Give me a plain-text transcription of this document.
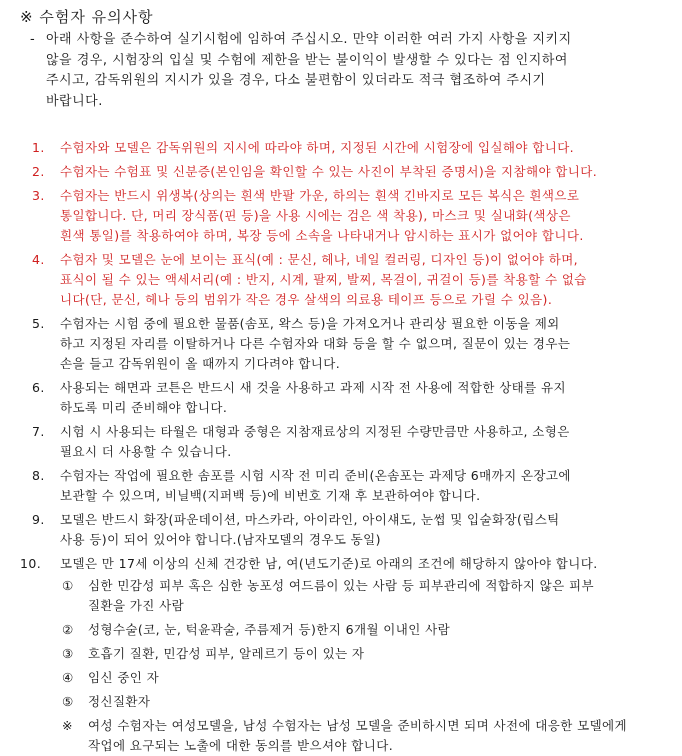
※ 수험자 유의사항
- 아래 사항을 준수하여 실기시험에 임하여 주십시오. 만약 이러한 여러 가지 사항을 지키지
않을 경우, 시험장의 입실 및 수험에 제한을 받는 불이익이 발생할 수 있다는 점 인지하여
주시고, 감독위원의 지시가 있을 경우, 다소 불편함이 있더라도 적극 협조하여 주시기
바랍니다.
1.	수험자와 모델은 감독위원의 지시에 따라야 하며, 지정된 시간에 시험장에 입실해야 합니다.
2.	수험자는 수험표 및 신분증(본인임을 확인할 수 있는 사진이 부착된 증명서)을 지참해야 합니다.
3.	수험자는 반드시 위생복(상의는 흰색 반팔 가운, 하의는 흰색 긴바지로 모든 복식은 흰색으로
통일합니다. 단, 머리 장식품(핀 등)을 사용 시에는 검은 색 착용), 마스크 및 실내화(색상은
흰색 통일)를 착용하여야 하며, 복장 등에 소속을 나타내거나 암시하는 표시가 없어야 합니다.
4.	수험자 및 모델은 눈에 보이는 표식(예 : 문신, 헤나, 네일 컬러링, 디자인 등)이 없어야 하며,
표식이 될 수 있는 액세서리(예 : 반지, 시계, 팔찌, 발찌, 목걸이, 귀걸이 등)를 착용할 수 없습
니다(단, 문신, 헤나 등의 범위가 작은 경우 살색의 의료용 테이프 등으로 가릴 수 있음).
5.	수험자는 시험 중에 필요한 물품(솜포, 왁스 등)을 가져오거나 관리상 필요한 이동을 제외
하고 지정된 자리를 이탈하거나 다른 수험자와 대화 등을 할 수 없으며, 질문이 있는 경우는
손을 들고 감독위원이 올 때까지 기다려야 합니다.
6.	사용되는 해면과 코튼은 반드시 새 것을 사용하고 과제 시작 전 사용에 적합한 상태를 유지
하도록 미리 준비해야 합니다.
7.	시험 시 사용되는 타월은 대형과 중형은 지참재료상의 지정된 수량만큼만 사용하고, 소형은
필요시 더 사용할 수 있습니다.
8.	수험자는 작업에 필요한 솜포를 시험 시작 전 미리 준비(온솜포는 과제당 6매까지 온장고에
보관할 수 있으며, 비닐백(지퍼백 등)에 비번호 기재 후 보관하여야 합니다.
9.	모델은 반드시 화장(파운데이션, 마스카라, 아이라인, 아이섀도, 눈썹 및 입술화장(립스틱
사용 등)이 되어 있어야 합니다.(남자모델의 경우도 동일)
10.	모델은 만 17세 이상의 신체 건강한 남, 여(년도기준)로 아래의 조건에 해당하지 않아야 합니다.
①	심한 민감성 피부 혹은 심한 농포성 여드름이 있는 사람 등 피부관리에 적합하지 않은 피부
질환을 가진 사람
②	성형수술(코, 눈, 턱윤곽술, 주름제거 등)한지 6개월 이내인 사람
③	호흡기 질환, 민감성 피부, 알레르기 등이 있는 자
④	임신 중인 자
⑤	정신질환자
※	여성 수험자는 여성모델을, 남성 수험자는 남성 모델을 준비하시면 되며 사전에 대응한 모델에게
작업에 요구되는 노출에 대한 동의를 받으셔야 합니다.
